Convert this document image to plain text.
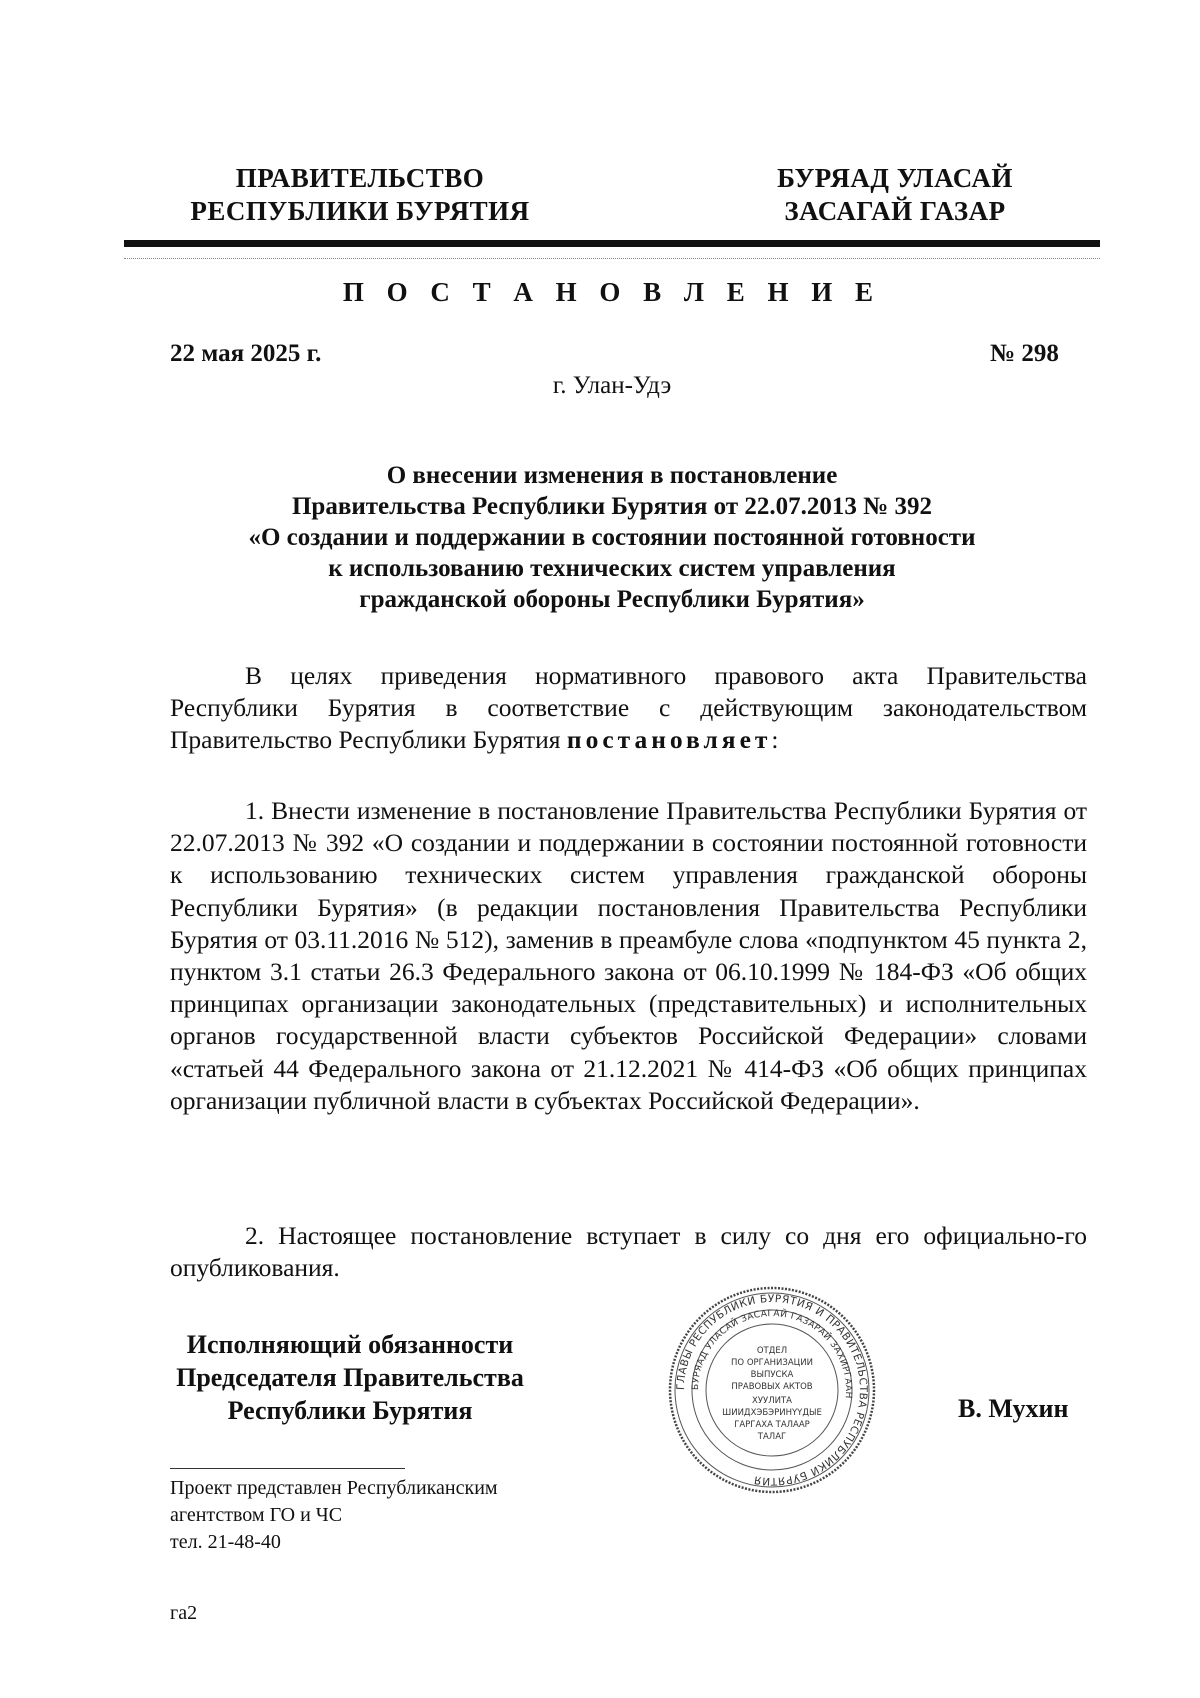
ПРАВИТЕЛЬСТВО
РЕСПУБЛИКИ БУРЯТИЯ
БУРЯАД УЛАСАЙ
ЗАСАГАЙ ГАЗАР
П О С Т А Н О В Л Е Н И Е
22 мая 2025 г.	№ 298
г. Улан-Удэ
О внесении изменения в постановление
Правительства Республики Бурятия от 22.07.2013 № 392
«О создании и поддержании в состоянии постоянной готовности
к использованию технических систем управления
гражданской обороны Республики Бурятия»
В целях приведения нормативного правового акта Правительства Республики Бурятия в соответствие с действующим законодательством Правительство Республики Бурятия постановляет:
1. Внести изменение в постановление Правительства Республики Бурятия от 22.07.2013 № 392 «О создании и поддержании в состоянии постоянной готовности к использованию технических систем управления гражданской обороны Республики Бурятия» (в редакции постановления Правительства Республики Бурятия от 03.11.2016 № 512), заменив в преамбуле слова «подпунктом 45 пункта 2, пунктом 3.1 статьи 26.3 Федерального закона от 06.10.1999 № 184-ФЗ «Об общих принципах организации законодательных (представительных) и исполнительных органов государственной власти субъектов Российской Федерации» словами «статьей 44 Федерального закона от 21.12.2021 № 414-ФЗ «Об общих принципах организации публичной власти в субъектах Российской Федерации».
2. Настоящее постановление вступает в силу со дня его официально-го опубликования.
Исполняющий обязанности
Председателя Правительства
Республики Бурятия
ГЛАВЫ РЕСПУБЛИКИ БУРЯТИЯ И ПРАВИТЕЛЬСТВА РЕСПУБЛИКИ БУРЯТИЯ
БУРЯАД УЛАСАЙ ЗАСАГАЙ ГАЗАРАЙ ЗАХИРГААН
ОТДЕЛ
ПО ОРГАНИЗАЦИИ
ВЫПУСКА
ПРАВОВЫХ АКТОВ
ХУУЛИТА
ШИИДХЭБЭРИНҮҮДЫЕ
ГАРГАХА ТАЛААР
ТАЛАГ
В. Мухин
Проект представлен Республиканским
агентством ГО и ЧС
тел. 21-48-40
га2
